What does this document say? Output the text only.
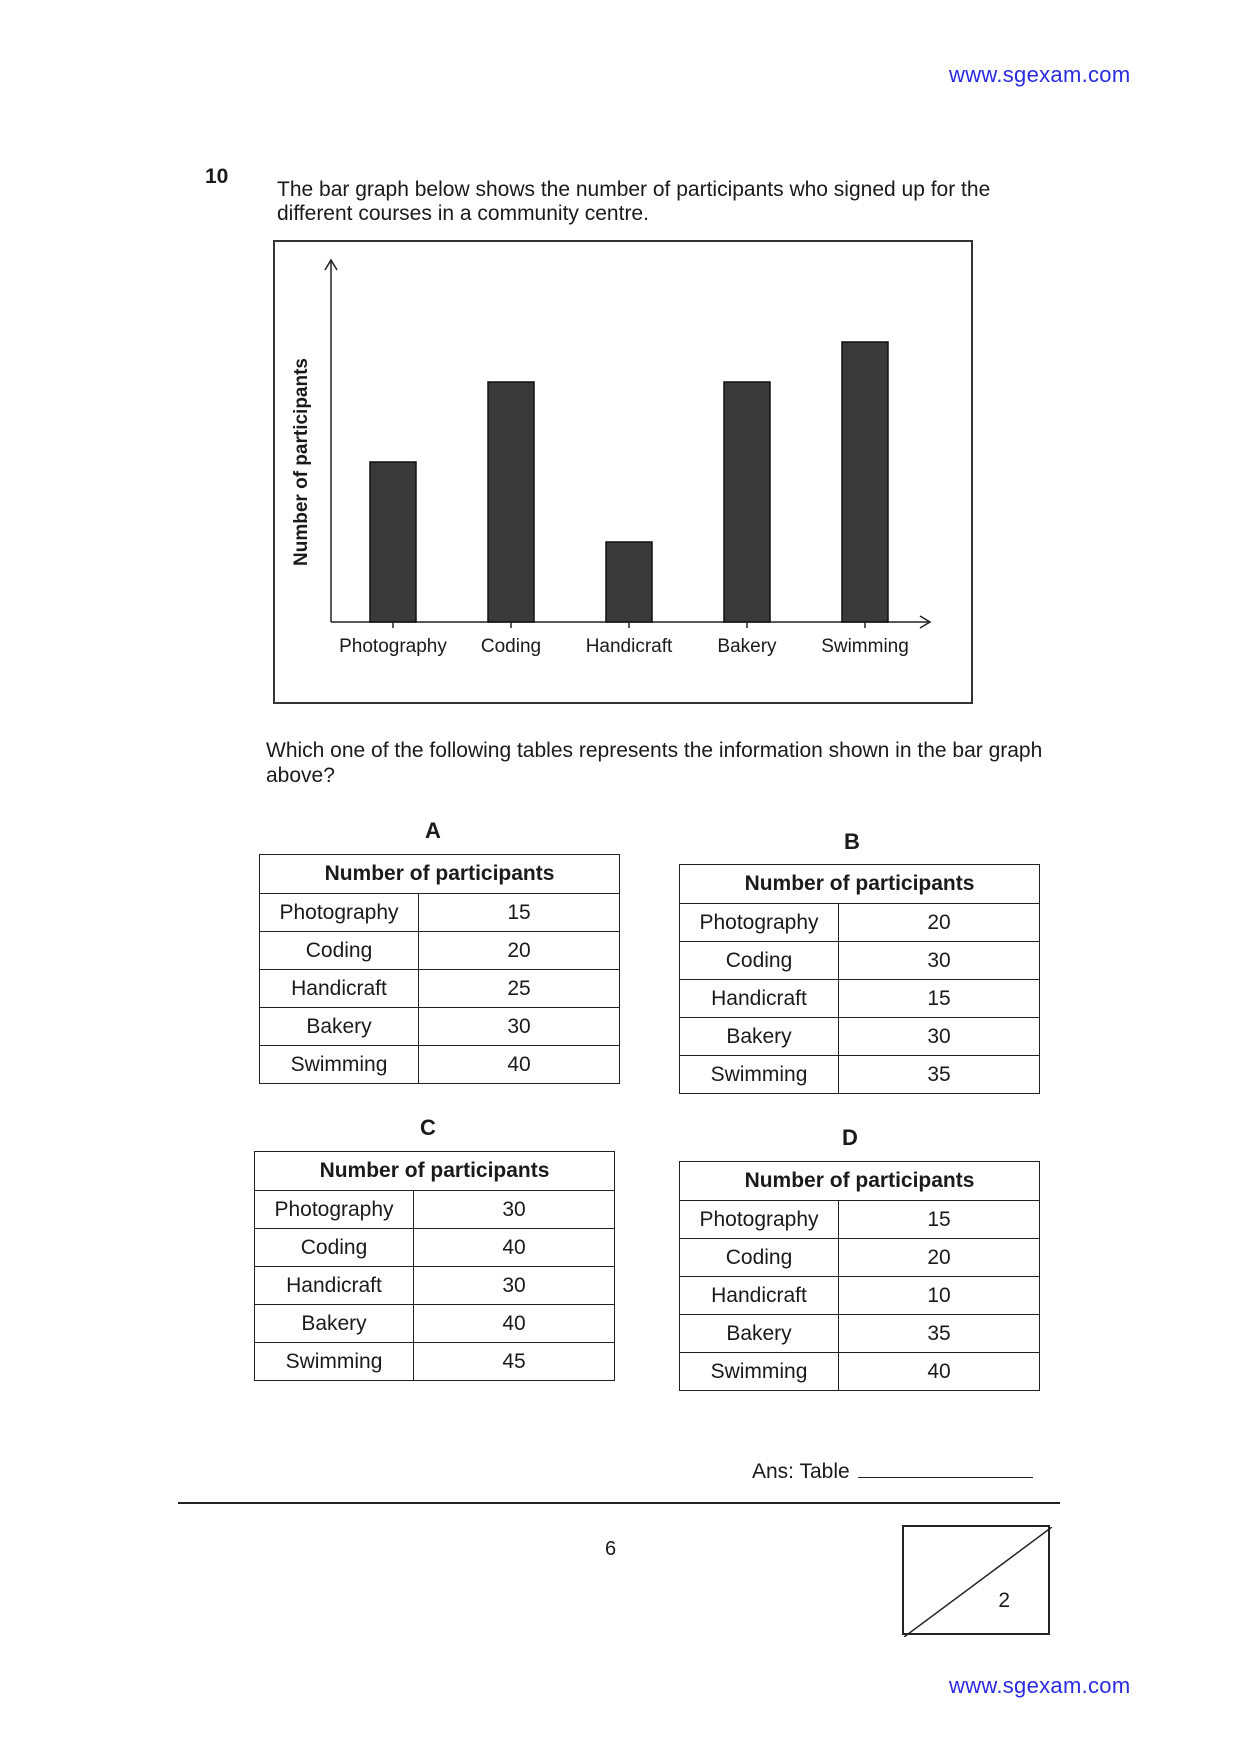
www.sgexam.com
10
The bar graph below shows the number of participants who signed up for the different courses in a community centre.
Number of participants
Photography Coding Handicraft Bakery Swimming
Which one of the following tables represents the information shown in the bar graph above?
A
Number of participants	
Photography	15
Coding	20
Handicraft	25
Bakery	30
Swimming	40
B
Number of participants	
Photography	20
Coding	30
Handicraft	15
Bakery	30
Swimming	35
C
Number of participants	
Photography	30
Coding	40
Handicraft	30
Bakery	40
Swimming	45
D
Number of participants	
Photography	15
Coding	20
Handicraft	10
Bakery	35
Swimming	40
Ans: Table
6
2
www.sgexam.com
